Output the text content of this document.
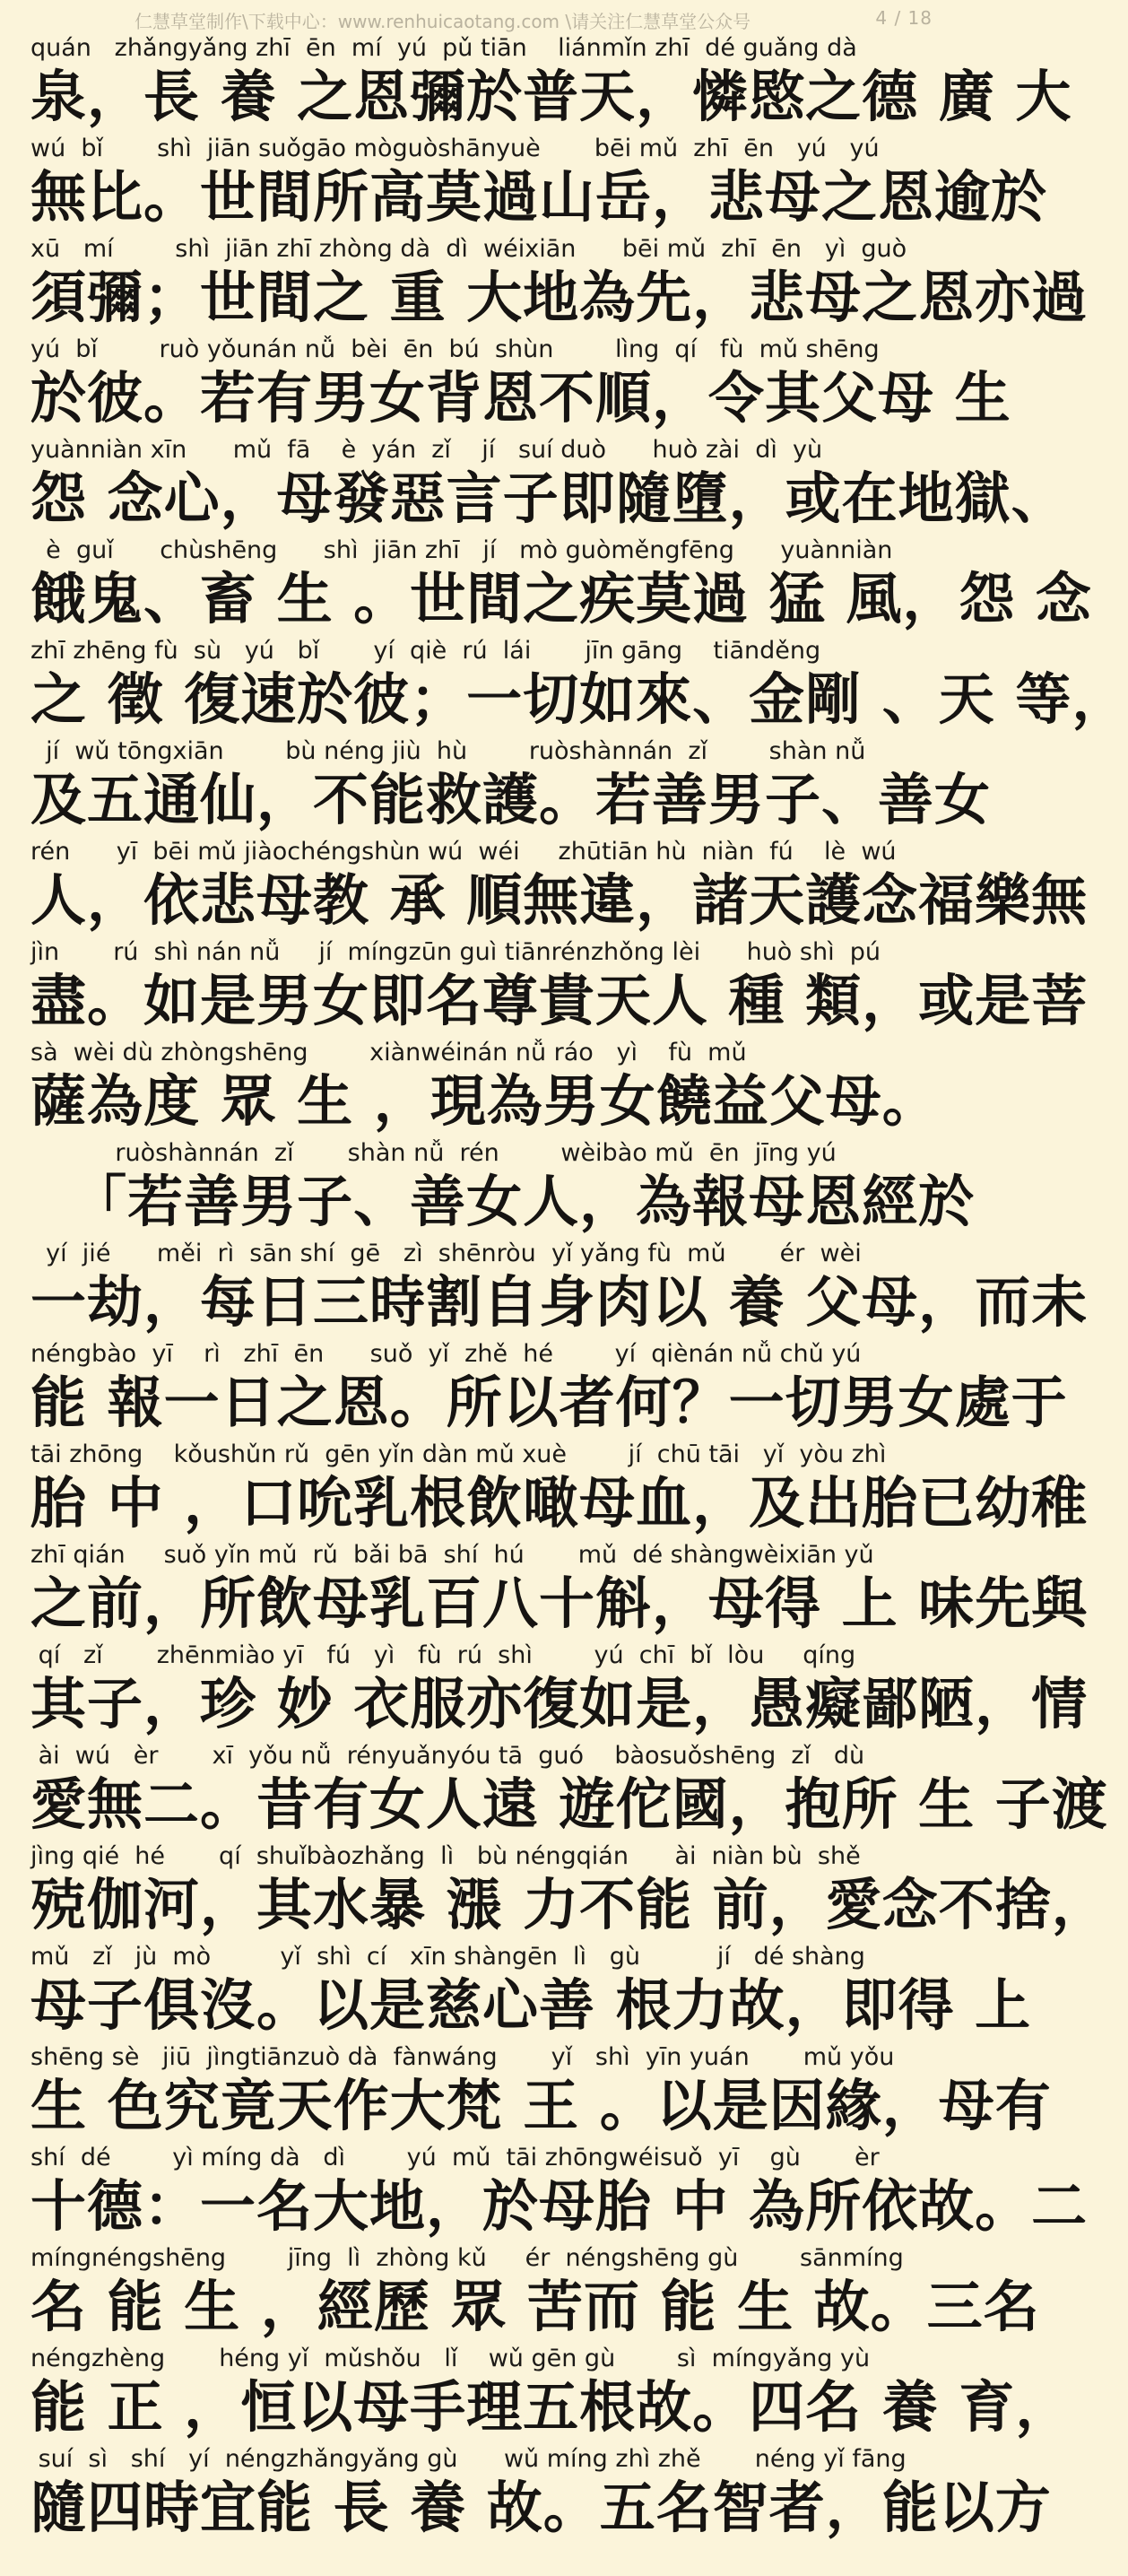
仁慧草堂制作\下载中心：www.renhuicaotang.com \请关注仁慧草堂公众号	4 / 18
quán   zhǎngyǎng zhī  ēn  mí  yú  pǔ tiān    liánmǐn zhī  dé guǎng dà
泉，長 養 之恩彌於普天，憐愍之德 廣 大
wú  bǐ       shì  jiān suǒgāo mòguòshānyuè       bēi mǔ  zhī  ēn   yú   yú
無比。世間所高莫過山岳，悲母之恩逾於
xū   mí        shì  jiān zhī zhòng dà  dì  wéixiān      bēi mǔ  zhī  ēn   yì  guò
須彌；世間之 重 大地為先，悲母之恩亦過
yú  bǐ        ruò yǒunán nǚ  bèi  ēn  bú  shùn        lìng  qí   fù  mǔ shēng
於彼。若有男女背恩不順，令其父母 生
yuànniàn xīn      mǔ  fā    è  yán  zǐ    jí   suí duò      huò zài  dì  yù
怨 念心，母發惡言子即隨墮，或在地獄、
è  guǐ      chùshēng      shì  jiān zhī   jí   mò guòměngfēng      yuànniàn
餓鬼、畜 生 。世間之疾莫過 猛 風，怨 念
zhī zhēng fù  sù   yú   bǐ       yí  qiè  rú  lái       jīn gāng    tiānděng
之 徵 復速於彼；一切如來、金剛 、天 等，
jí  wǔ tōngxiān        bù néng jiù  hù        ruòshànnán  zǐ        shàn nǚ
及五通仙，不能救護。若善男子、善女
rén      yī  bēi mǔ jiàochéngshùn wú  wéi     zhūtiān hù  niàn  fú    lè  wú
人，依悲母教 承 順無違，諸天護念福樂無
jìn       rú  shì nán nǚ     jí  míngzūn guì tiānrénzhǒng lèi      huò shì  pú
盡。如是男女即名尊貴天人 種 類，或是菩
sà  wèi dù zhòngshēng        xiànwéinán nǚ ráo   yì    fù  mǔ
薩為度 眾 生 ，現為男女饒益父母。
ruòshànnán  zǐ       shàn nǚ  rén        wèibào mǔ  ēn  jīng yú
「若善男子、善女人，為報母恩經於
yí  jié      měi  rì  sān shí  gē   zì  shēnròu  yǐ yǎng fù  mǔ       ér  wèi
一劫，每日三時割自身肉以 養 父母，而未
néngbào  yī    rì   zhī  ēn      suǒ  yǐ  zhě  hé        yí  qiènán nǚ chǔ yú
能 報一日之恩。所以者何？一切男女處于
tāi zhōng    kǒushǔn rǔ  gēn yǐn dàn mǔ xuè        jí  chū tāi   yǐ  yòu zhì
胎 中 ，口吮乳根飲噉母血，及出胎已幼稚
zhī qián     suǒ yǐn mǔ  rǔ  bǎi bā  shí  hú       mǔ  dé shàngwèixiān yǔ
之前，所飲母乳百八十斛，母得 上 味先與
qí   zǐ       zhēnmiào yī   fú   yì   fù  rú  shì        yú  chī  bǐ  lòu     qíng
其子，珍 妙 衣服亦復如是，愚癡鄙陋，情
ài  wú   èr       xī  yǒu nǚ  rényuǎnyóu tā  guó    bàosuǒshēng  zǐ   dù
愛無二。昔有女人遠 遊佗國，抱所 生 子渡
jìng qié  hé       qí  shuǐbàozhǎng  lì   bù néngqián      ài  niàn bù  shě
殑伽河，其水暴 漲 力不能 前，愛念不捨，
mǔ   zǐ   jù  mò         yǐ  shì  cí   xīn shàngēn  lì   gù          jí   dé shàng
母子俱沒。以是慈心善 根力故，即得 上
shēng sè   jiū  jìngtiānzuò dà  fànwáng       yǐ   shì  yīn yuán       mǔ yǒu
生 色究竟天作大梵 王 。以是因緣，母有
shí  dé        yì míng dà   dì        yú  mǔ  tāi zhōngwéisuǒ  yī    gù       èr
十德：一名大地，於母胎 中 為所依故。二
míngnéngshēng        jīng  lì  zhòng kǔ     ér  néngshēng gù        sānmíng
名 能 生 ，經歷 眾 苦而 能 生 故。三名
néngzhèng       héng yǐ  mǔshǒu   lǐ    wǔ gēn gù        sì  míngyǎng yù
能 正 ，恒以母手理五根故。四名 養 育，
suí  sì   shí   yí  néngzhǎngyǎng gù      wǔ míng zhì zhě       néng yǐ fāng
隨四時宜能 長 養 故。五名智者，能以方
